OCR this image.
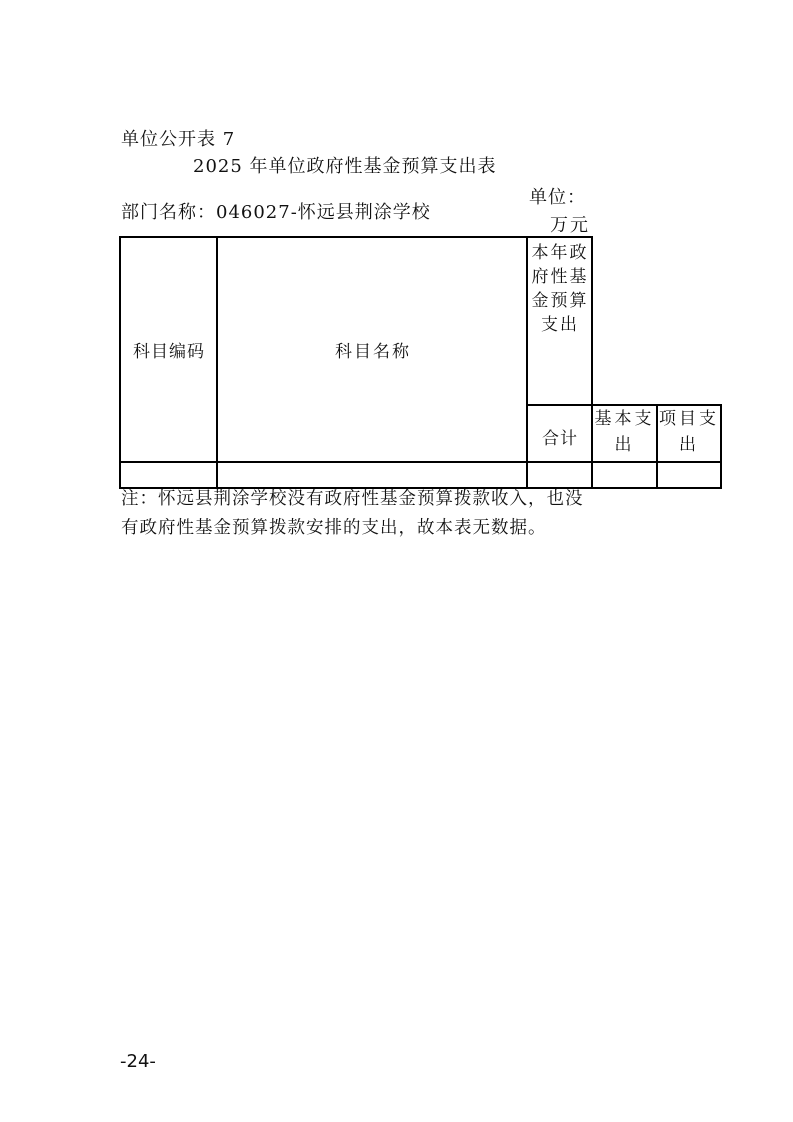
单位公开表 7
2025 年单位政府性基金预算支出表
部门名称：046027-怀远县荆涂学校
单位：
万元
科目编码	科目名称
本年政府性基金预算支出
合计
基本支出
项目支出
注：怀远县荆涂学校没有政府性基金预算拨款收入，也没有政府性基金预算拨款安排的支出，故本表无数据。
-24-
